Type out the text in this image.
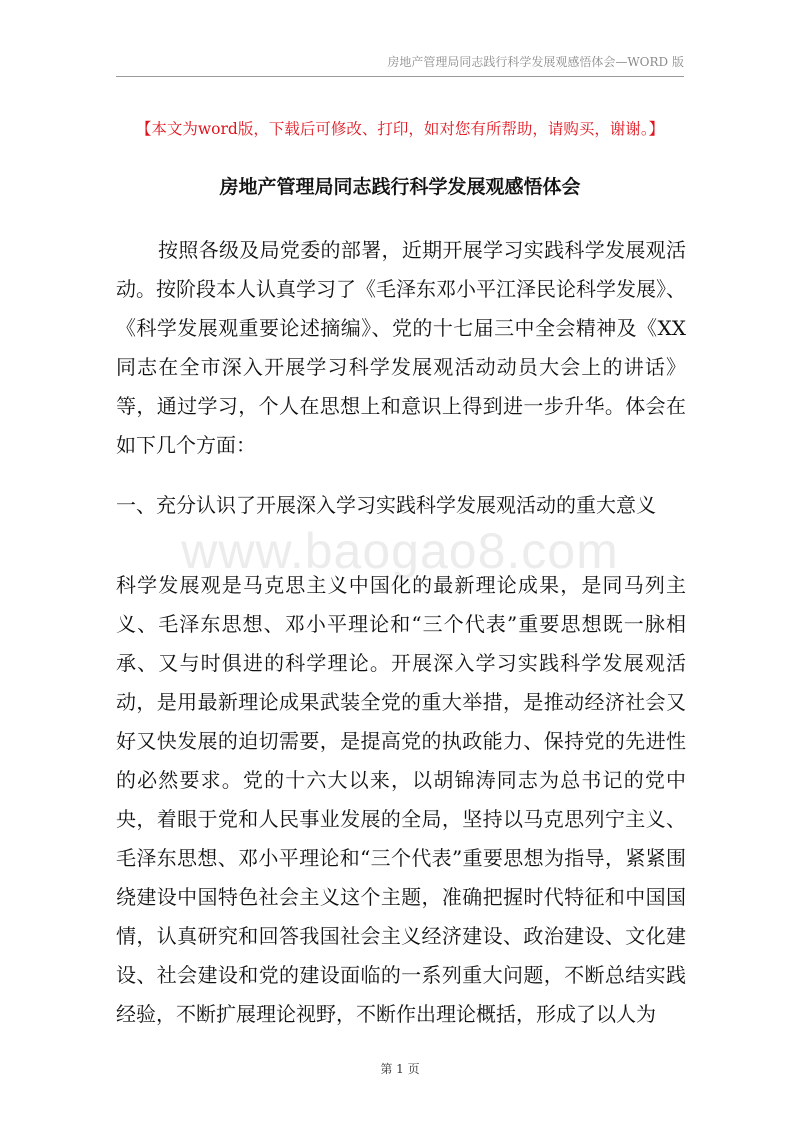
房地产管理局同志践行科学发展观感悟体会—WORD 版
【本文为word版，下载后可修改、打印，如对您有所帮助，请购买，谢谢。】
房地产管理局同志践行科学发展观感悟体会

按照各级及局党委的部署，近期开展学习实践科学发展观活动。按阶段本人认真学习了《毛泽东邓小平江泽民论科学发展》、《科学发展观重要论述摘编》、党的十七届三中全会精神及《XX同志在全市深入开展学习科学发展观活动动员大会上的讲话》等，通过学习，个人在思想上和意识上得到进一步升华。体会在如下几个方面：

一、充分认识了开展深入学习实践科学发展观活动的重大意义
www.baogao8.com

科学发展观是马克思主义中国化的最新理论成果，是同马列主义、毛泽东思想、邓小平理论和“三个代表”重要思想既一脉相承、又与时俱进的科学理论。开展深入学习实践科学发展观活动，是用最新理论成果武装全党的重大举措，是推动经济社会又好又快发展的迫切需要，是提高党的执政能力、保持党的先进性的必然要求。党的十六大以来，以胡锦涛同志为总书记的党中央，着眼于党和人民事业发展的全局，坚持以马克思列宁主义、毛泽东思想、邓小平理论和“三个代表”重要思想为指导，紧紧围绕建设中国特色社会主义这个主题，准确把握时代特征和中国国情，认真研究和回答我国社会主义经济建设、政治建设、文化建设、社会建设和党的建设面临的一系列重大问题，不断总结实践经验，不断扩展理论视野，不断作出理论概括，形成了以人为

第 1 页
